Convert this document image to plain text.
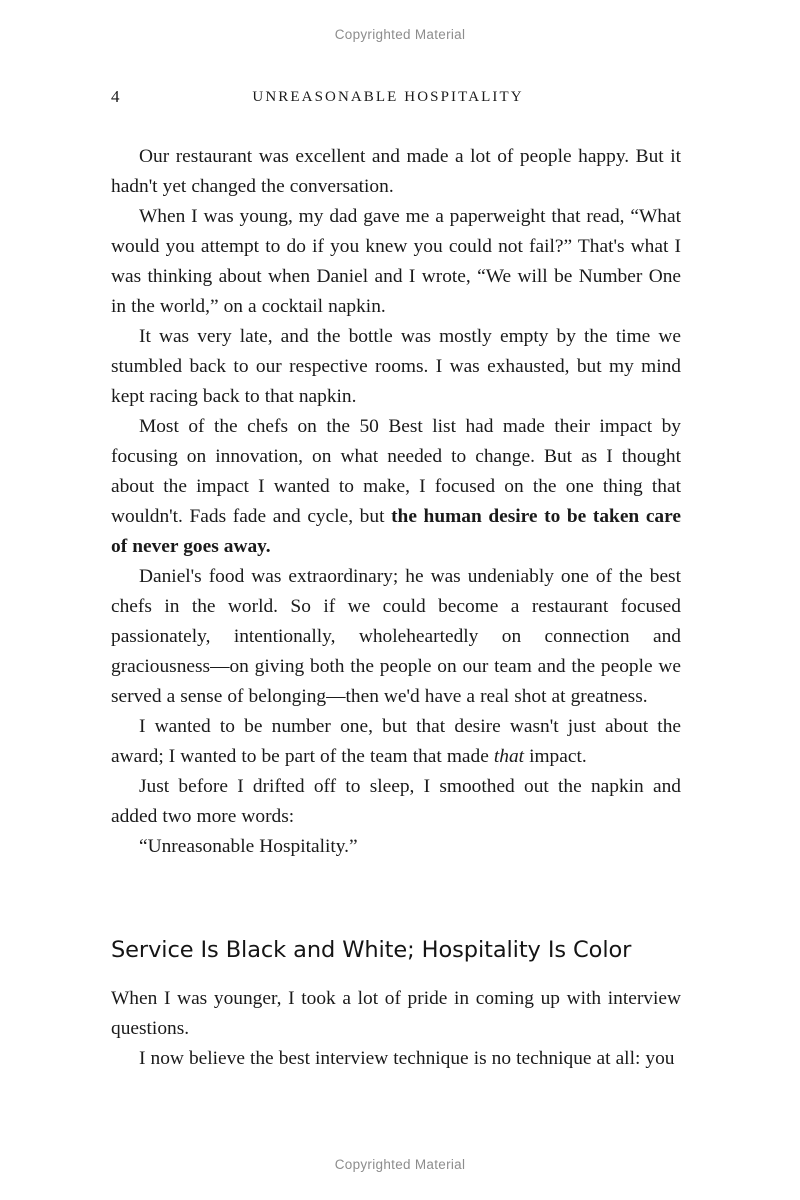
Copyrighted Material
4	UNREASONABLE HOSPITALITY

Our restaurant was excellent and made a lot of people happy. But it hadn't yet changed the conversation.

When I was young, my dad gave me a paperweight that read, “What would you attempt to do if you knew you could not fail?” That's what I was thinking about when Daniel and I wrote, “We will be Number One in the world,” on a cocktail napkin.

It was very late, and the bottle was mostly empty by the time we stumbled back to our respective rooms. I was exhausted, but my mind kept racing back to that napkin.

Most of the chefs on the 50 Best list had made their impact by focusing on innovation, on what needed to change. But as I thought about the impact I wanted to make, I focused on the one thing that wouldn't. Fads fade and cycle, but the human desire to be taken care of never goes away.

Daniel's food was extraordinary; he was undeniably one of the best chefs in the world. So if we could become a restaurant focused passionately, intentionally, wholeheartedly on connection and graciousness—on giving both the people on our team and the people we served a sense of belonging—then we'd have a real shot at greatness.

I wanted to be number one, but that desire wasn't just about the award; I wanted to be part of the team that made that impact.

Just before I drifted off to sleep, I smoothed out the napkin and added two more words:

“Unreasonable Hospitality.”

Service Is Black and White; Hospitality Is Color

When I was younger, I took a lot of pride in coming up with interview questions.

I now believe the best interview technique is no technique at all: you

Copyrighted Material
